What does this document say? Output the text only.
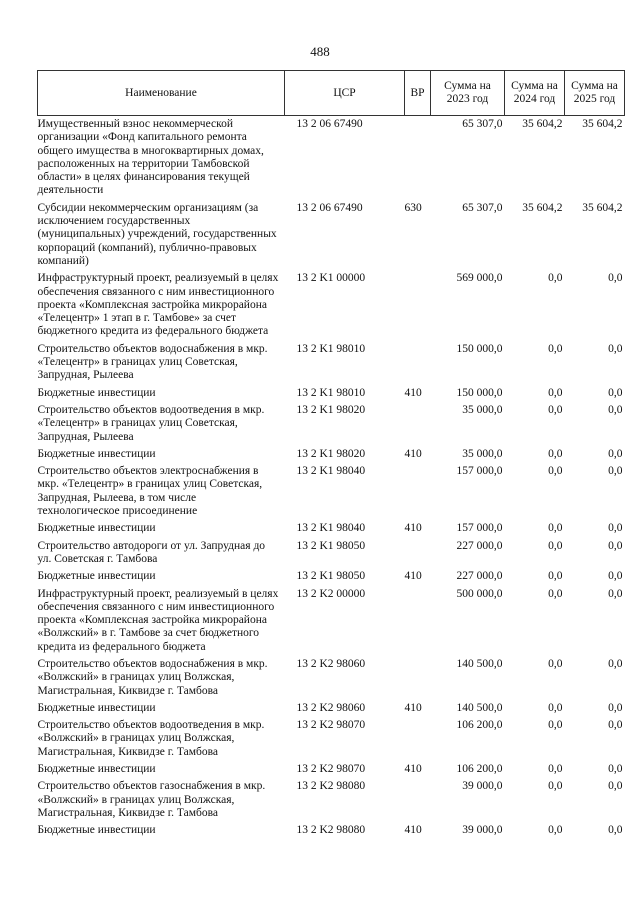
488
Наименование	ЦСР	ВР	Сумма на 2023 год	Сумма на 2024 год	Сумма на 2025 год
Имущественный взнос некоммерческой организации «Фонд капитального ремонта общего имущества в многоквартирных домах, расположенных на территории Тамбовской области» в целях финансирования текущей деятельности	13 2 06 67490		65 307,0	35 604,2	35 604,2
Субсидии некоммерческим организациям (за исключением государственных (муниципальных) учреждений, государственных корпораций (компаний), публично-правовых компаний)	13 2 06 67490	630	65 307,0	35 604,2	35 604,2
Инфраструктурный проект, реализуемый в целях обеспечения связанного с ним инвестиционного проекта «Комплексная застройка микрорайона «Телецентр» 1 этап в г. Тамбове» за счет бюджетного кредита из федерального бюджета	13 2 K1 00000		569 000,0	0,0	0,0
Строительство объектов водоснабжения в мкр. «Телецентр» в границах улиц Советская, Запрудная, Рылеева	13 2 K1 98010		150 000,0	0,0	0,0
Бюджетные инвестиции	13 2 K1 98010	410	150 000,0	0,0	0,0
Строительство объектов водоотведения в мкр. «Телецентр» в границах улиц Советская, Запрудная, Рылеева	13 2 K1 98020		35 000,0	0,0	0,0
Бюджетные инвестиции	13 2 K1 98020	410	35 000,0	0,0	0,0
Строительство объектов электроснабжения в мкр. «Телецентр» в границах улиц Советская, Запрудная, Рылеева, в том числе технологическое присоединение	13 2 K1 98040		157 000,0	0,0	0,0
Бюджетные инвестиции	13 2 K1 98040	410	157 000,0	0,0	0,0
Строительство автодороги от ул. Запрудная до ул. Советская г. Тамбова	13 2 K1 98050		227 000,0	0,0	0,0
Бюджетные инвестиции	13 2 K1 98050	410	227 000,0	0,0	0,0
Инфраструктурный проект, реализуемый в целях обеспечения связанного с ним инвестиционного проекта «Комплексная застройка микрорайона «Волжский» в г. Тамбове за счет бюджетного кредита из федерального бюджета	13 2 K2 00000		500 000,0	0,0	0,0
Строительство объектов водоснабжения в мкр. «Волжский» в границах улиц Волжская, Магистральная, Киквидзе г. Тамбова	13 2 K2 98060		140 500,0	0,0	0,0
Бюджетные инвестиции	13 2 K2 98060	410	140 500,0	0,0	0,0
Строительство объектов водоотведения в мкр. «Волжский» в границах улиц Волжская, Магистральная, Киквидзе г. Тамбова	13 2 K2 98070		106 200,0	0,0	0,0
Бюджетные инвестиции	13 2 K2 98070	410	106 200,0	0,0	0,0
Строительство объектов газоснабжения в мкр. «Волжский» в границах улиц Волжская, Магистральная, Киквидзе г. Тамбова	13 2 K2 98080		39 000,0	0,0	0,0
Бюджетные инвестиции	13 2 K2 98080	410	39 000,0	0,0	0,0
